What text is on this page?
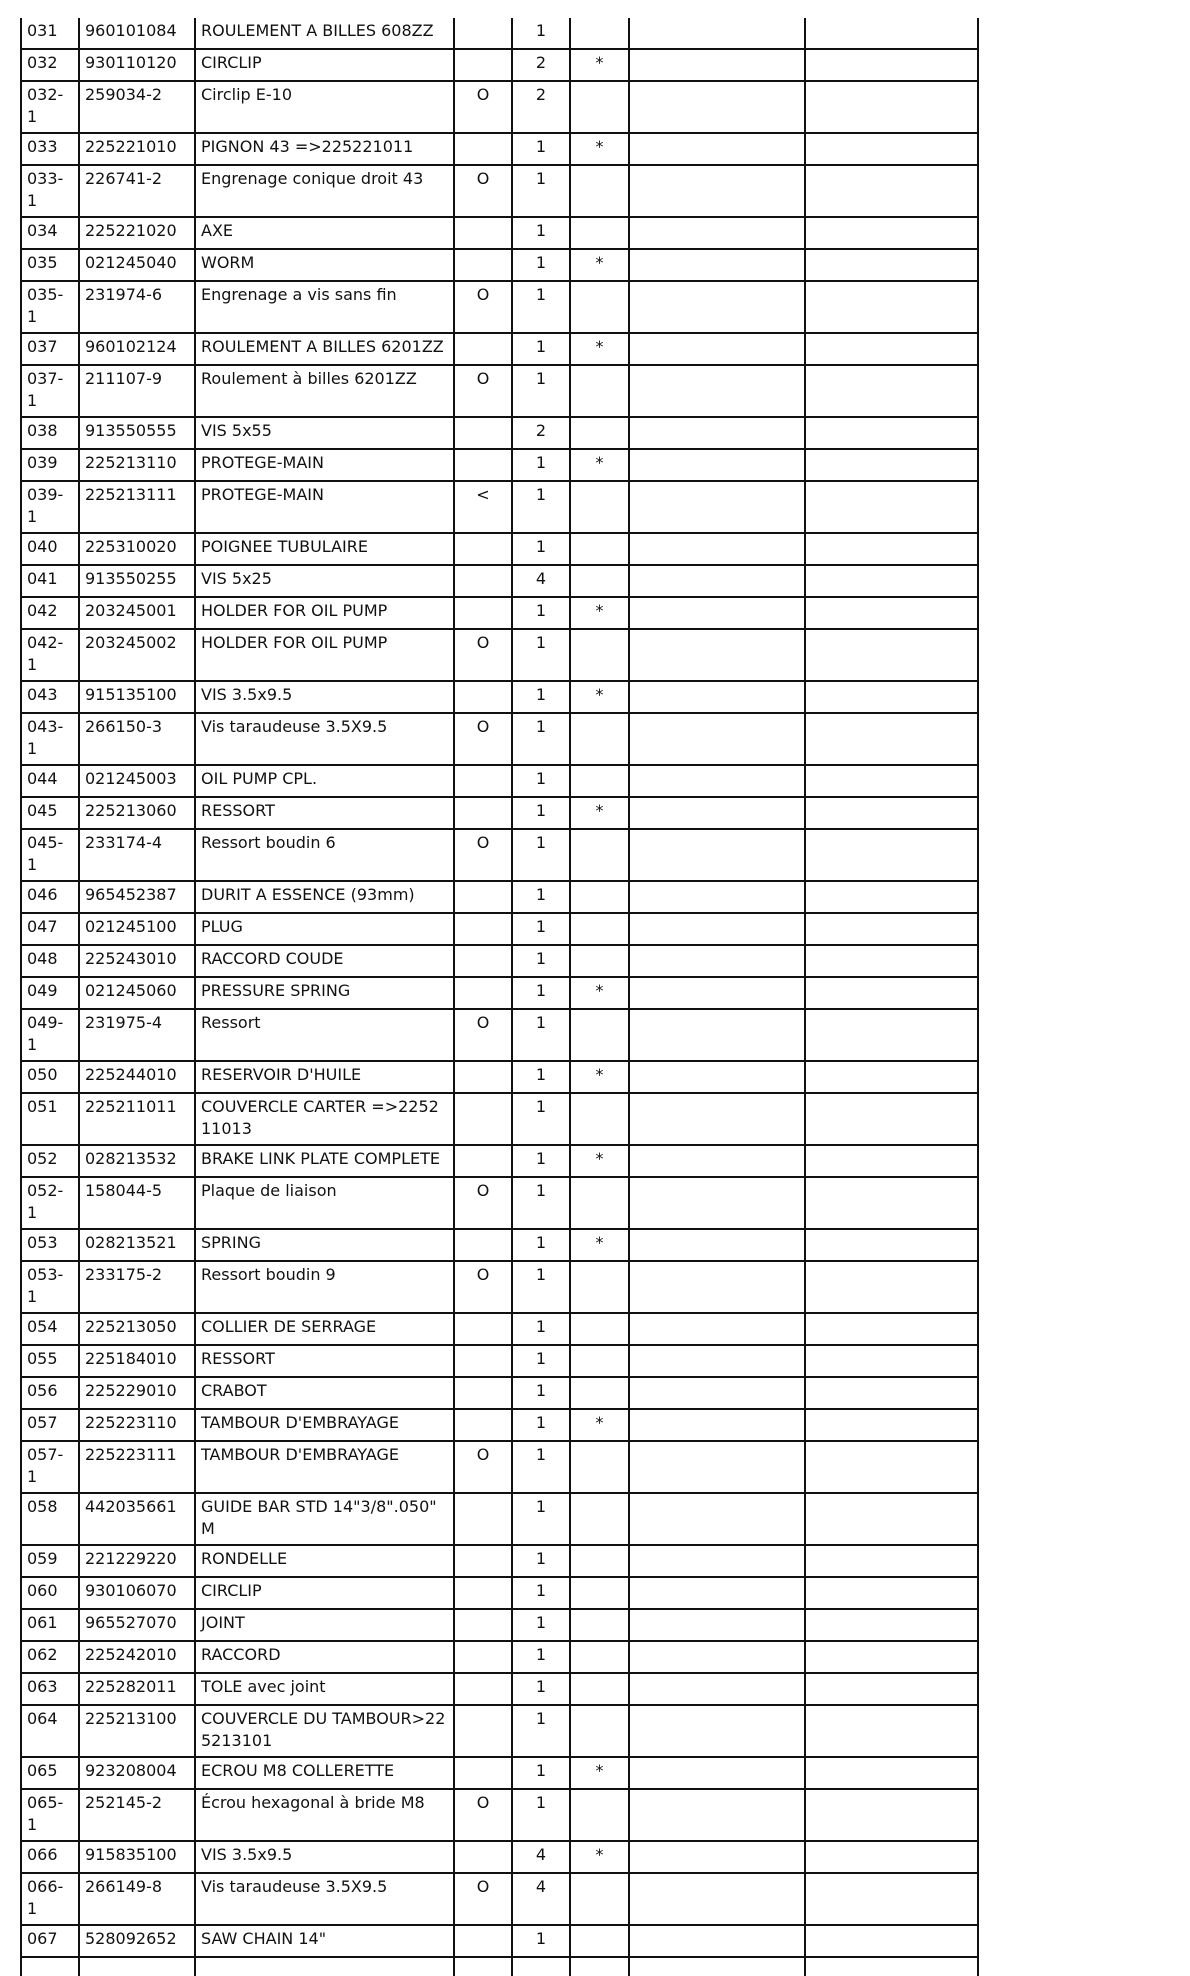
031	960101084	ROULEMENT A BILLES 608ZZ		1			
032	930110120	CIRCLIP		2	*		
032-1	259034-2	Circlip E-10	O	2			
033	225221010	PIGNON 43 =>225221011		1	*		
033-1	226741-2	Engrenage conique droit 43	O	1			
034	225221020	AXE		1			
035	021245040	WORM		1	*		
035-1	231974-6	Engrenage a vis sans fin	O	1			
037	960102124	ROULEMENT A BILLES 6201ZZ		1	*		
037-1	211107-9	Roulement à billes 6201ZZ	O	1			
038	913550555	VIS 5x55		2			
039	225213110	PROTEGE-MAIN		1	*		
039-1	225213111	PROTEGE-MAIN	<	1			
040	225310020	POIGNEE TUBULAIRE		1			
041	913550255	VIS 5x25		4			
042	203245001	HOLDER FOR OIL PUMP		1	*		
042-1	203245002	HOLDER FOR OIL PUMP	O	1			
043	915135100	VIS 3.5x9.5		1	*		
043-1	266150-3	Vis taraudeuse 3.5X9.5	O	1			
044	021245003	OIL PUMP CPL.		1			
045	225213060	RESSORT		1	*		
045-1	233174-4	Ressort boudin 6	O	1			
046	965452387	DURIT A ESSENCE (93mm)		1			
047	021245100	PLUG		1			
048	225243010	RACCORD COUDE		1			
049	021245060	PRESSURE SPRING		1	*		
049-1	231975-4	Ressort	O	1			
050	225244010	RESERVOIR D'HUILE		1	*		
051	225211011	COUVERCLE CARTER =>225211013		1			
052	028213532	BRAKE LINK PLATE COMPLETE		1	*		
052-1	158044-5	Plaque de liaison	O	1			
053	028213521	SPRING		1	*		
053-1	233175-2	Ressort boudin 9	O	1			
054	225213050	COLLIER DE SERRAGE		1			
055	225184010	RESSORT		1			
056	225229010	CRABOT		1			
057	225223110	TAMBOUR D'EMBRAYAGE		1	*		
057-1	225223111	TAMBOUR D'EMBRAYAGE	O	1			
058	442035661	GUIDE BAR STD 14"3/8".050" M		1			
059	221229220	RONDELLE		1			
060	930106070	CIRCLIP		1			
061	965527070	JOINT		1			
062	225242010	RACCORD		1			
063	225282011	TOLE avec joint		1			
064	225213100	COUVERCLE DU TAMBOUR>225213101		1			
065	923208004	ECROU M8 COLLERETTE		1	*		
065-1	252145-2	Écrou hexagonal à bride M8	O	1			
066	915835100	VIS 3.5x9.5		4	*		
066-1	266149-8	Vis taraudeuse 3.5X9.5	O	4			
067	528092652	SAW CHAIN 14"		1			
